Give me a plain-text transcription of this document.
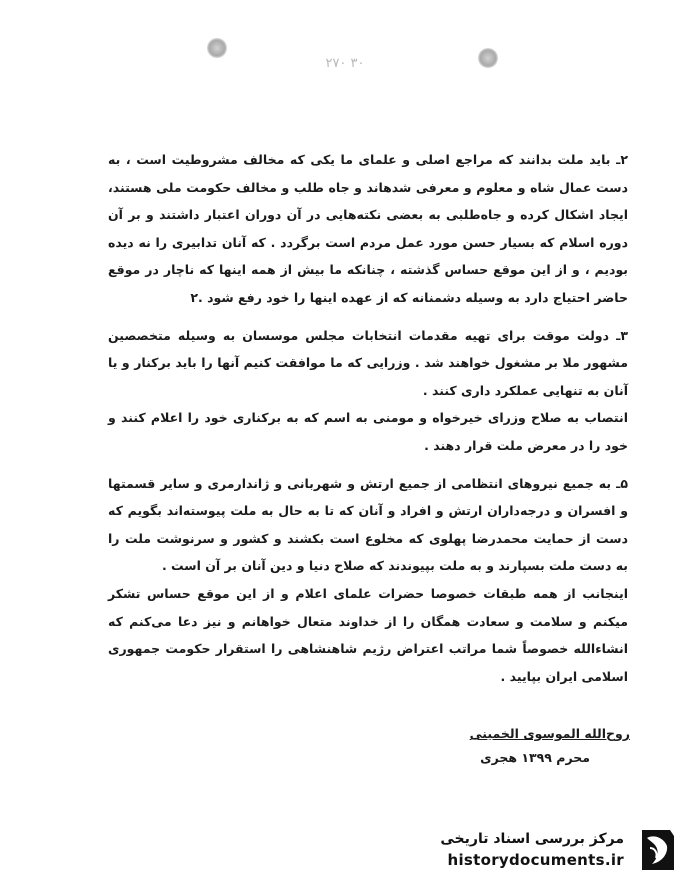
۲۷۰ ۳۰

۲ـ باید ملت بدانند که مراجع اصلی و علمای ما یکی که مخالف مشروطیت است ، به دست عمال شاه و معلوم و معرفی شدهاند و جاه طلب و مخالف حکومت ملی هستند، ایجاد اشکال کرده و جاه‌طلبی به بعضی نکته‌هایی در آن دوران اعتبار داشتند و بر آن دوره اسلام که بسیار حسن مورد عمل مردم است برگردد . که آنان تدابیری را نه دیده بودیم ، و از این موقع حساس گذشته ، چنانکه ما بیش از همه اینها که ناچار در موقع حاضر احتیاج دارد به وسیله دشمنانه که از عهده اینها را خود رفع شود .۲

۳ـ دولت موقت برای تهیه مقدمات انتخابات مجلس موسسان به وسیله متخصصین مشهور ملا بر مشغول خواهند شد . وزرایی که ما موافقت کنیم آنها را باید برکنار و یا آنان به تنهایی عملکرد داری کنند .

انتصاب به صلاح وزرای خیرخواه و مومنی به اسم که به برکناری خود را اعلام کنند و خود را در معرض ملت قرار دهند .

۵ـ به جمیع نیروهای انتظامی از جمیع ارتش و شهربانی و ژاندارمری و سایر قسمتها و افسران و درجه‌داران ارتش و افراد و آنان که تا به حال به ملت پیوسته‌اند بگویم که دست از حمایت محمدرضا پهلوی که مخلوع است بکشند و کشور و سرنوشت ملت را به دست ملت بسپارند و به ملت بپیوندند که صلاح دنیا و دین آنان بر آن است .

اینجانب از همه طبقات خصوصا حضرات علمای اعلام و از این موقع حساس تشکر میکنم و سلامت و سعادت همگان را از خداوند متعال خواهانم و نیز دعا می‌کنم که انشاءالله خصوصاً شما مراتب اعتراض رژیم شاهنشاهی را استقرار حکومت جمهوری اسلامی ایران بپایید .

روح‌الله الموسوی الخمینی
محرم ۱۳۹۹ هجری
مرکز بررسی اسناد تاریخی
historydocuments.ir
